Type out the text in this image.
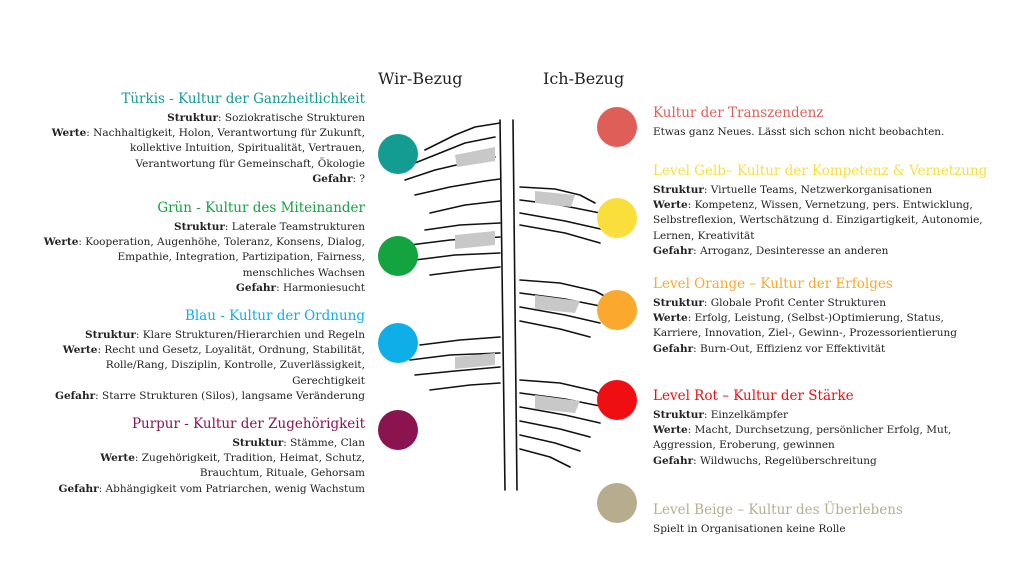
Wir-Bezug	Ich-Bezug
Türkis - Kultur der Ganzheitlichkeit
Struktur: Soziokratische Strukturen
Werte: Nachhaltigkeit, Holon, Verantwortung für Zukunft,
kollektive Intuition, Spiritualität, Vertrauen,
Verantwortung für Gemeinschaft, Ökologie
Gefahr: ?
Grün - Kultur des Miteinander
Struktur: Laterale Teamstrukturen
Werte: Kooperation, Augenhöhe, Toleranz, Konsens, Dialog,
Empathie, Integration, Partizipation, Fairness,
menschliches Wachsen
Gefahr: Harmoniesucht
Blau - Kultur der Ordnung
Struktur: Klare Strukturen/Hierarchien und Regeln
Werte: Recht und Gesetz, Loyalität, Ordnung, Stabilität,
Rolle/Rang, Disziplin, Kontrolle, Zuverlässigkeit,
Gerechtigkeit
Gefahr: Starre Strukturen (Silos), langsame Veränderung
Purpur - Kultur der Zugehörigkeit
Struktur: Stämme, Clan
Werte: Zugehörigkeit, Tradition, Heimat, Schutz,
Brauchtum, Rituale, Gehorsam
Gefahr: Abhängigkeit vom Patriarchen, wenig Wachstum
Kultur der Transzendenz
Etwas ganz Neues. Lässt sich schon nicht beobachten.
Level Gelb– Kultur der Kompetenz & Vernetzung
Struktur: Virtuelle Teams, Netzwerkorganisationen
Werte: Kompetenz, Wissen, Vernetzung, pers. Entwicklung,
Selbstreflexion, Wertschätzung d. Einzigartigkeit, Autonomie,
Lernen, Kreativität
Gefahr: Arroganz, Desinteresse an anderen
Level Orange – Kultur der Erfolges
Struktur: Globale Profit Center Strukturen
Werte: Erfolg, Leistung, (Selbst-)Optimierung, Status,
Karriere, Innovation, Ziel-, Gewinn-, Prozessorientierung
Gefahr: Burn-Out, Effizienz vor Effektivität
Level Rot – Kultur der Stärke
Struktur: Einzelkämpfer
Werte: Macht, Durchsetzung, persönlicher Erfolg, Mut,
Aggression, Eroberung, gewinnen
Gefahr: Wildwuchs, Regelüberschreitung
Level Beige – Kultur des Überlebens
Spielt in Organisationen keine Rolle
